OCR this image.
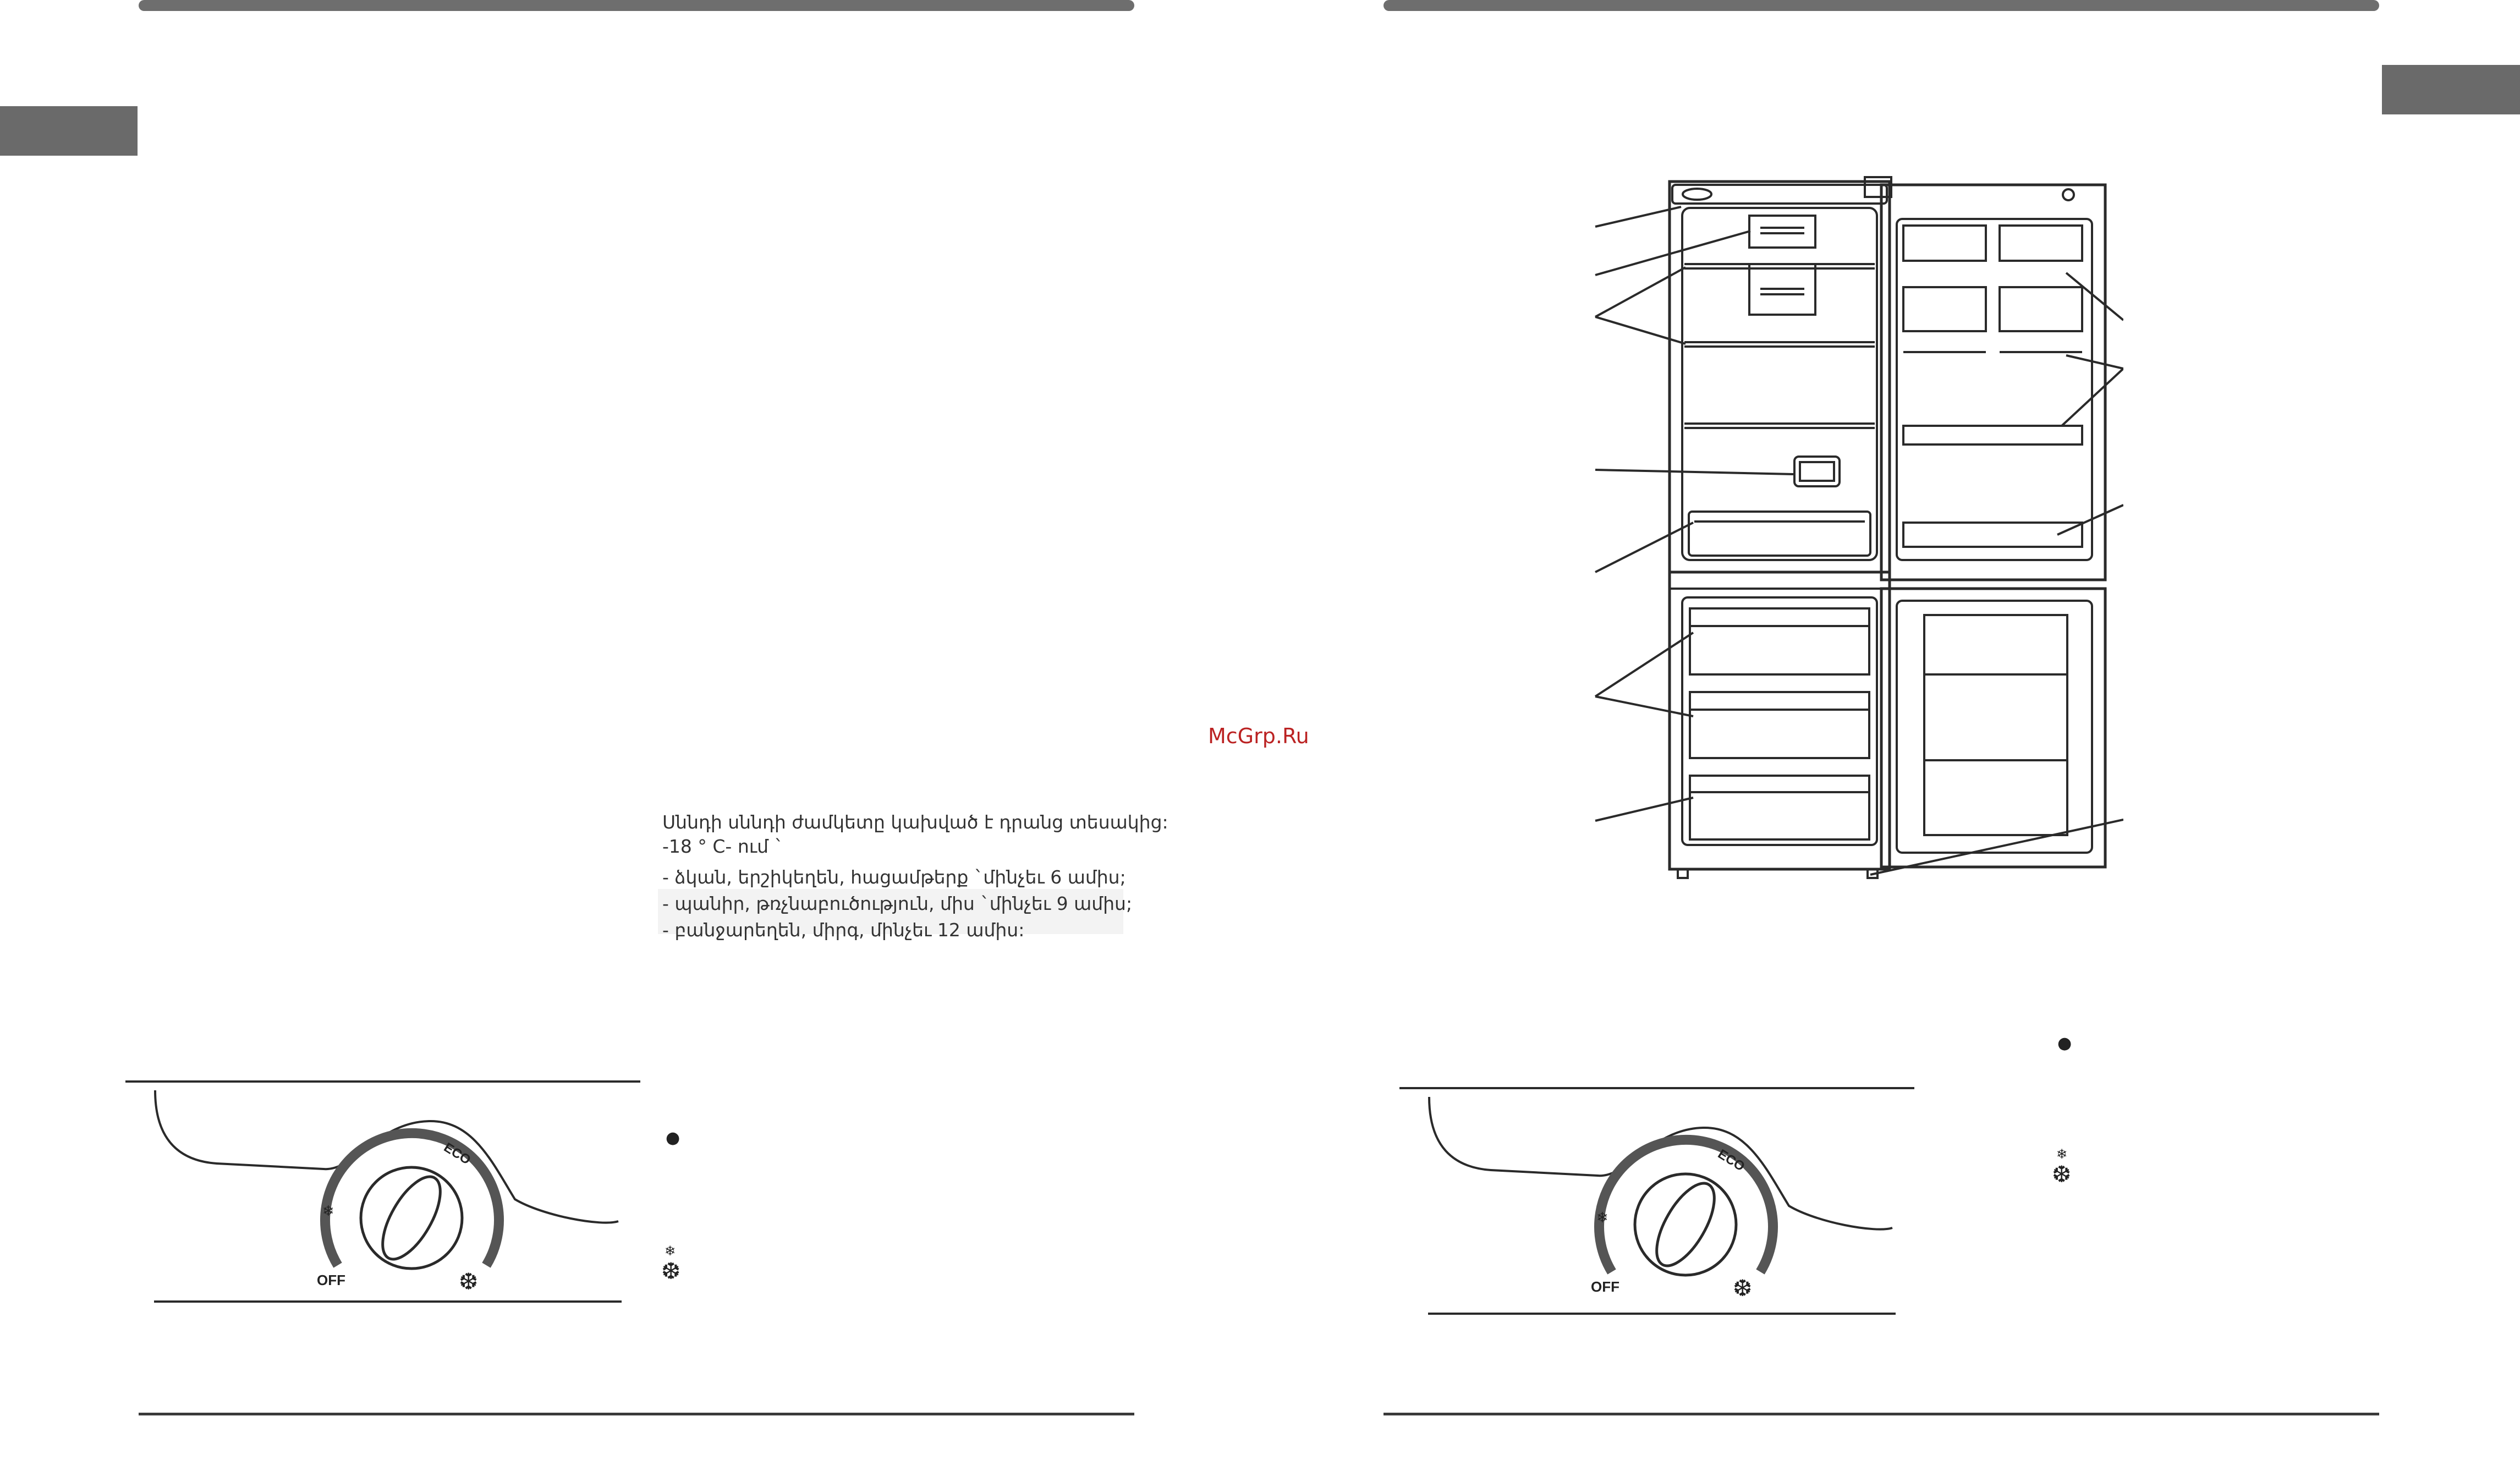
McGrp.Ru
Սննդի սննդի ժամկետը կախված է դրանց տեսակից:
-18 ° C- ում `
- ձկան, երշիկեղեն, հացամթերք `մինչեւ 6 ամիս;
- պանիր, թռչնաբուծություն, միս `մինչեւ 9 ամիս;
- բանջարեղեն, միրգ, մինչեւ 12 ամիս:
OFF
ECO
❄
❆	OFF
ECO
❄
❆
●
❄
❆
●
❄
❆
